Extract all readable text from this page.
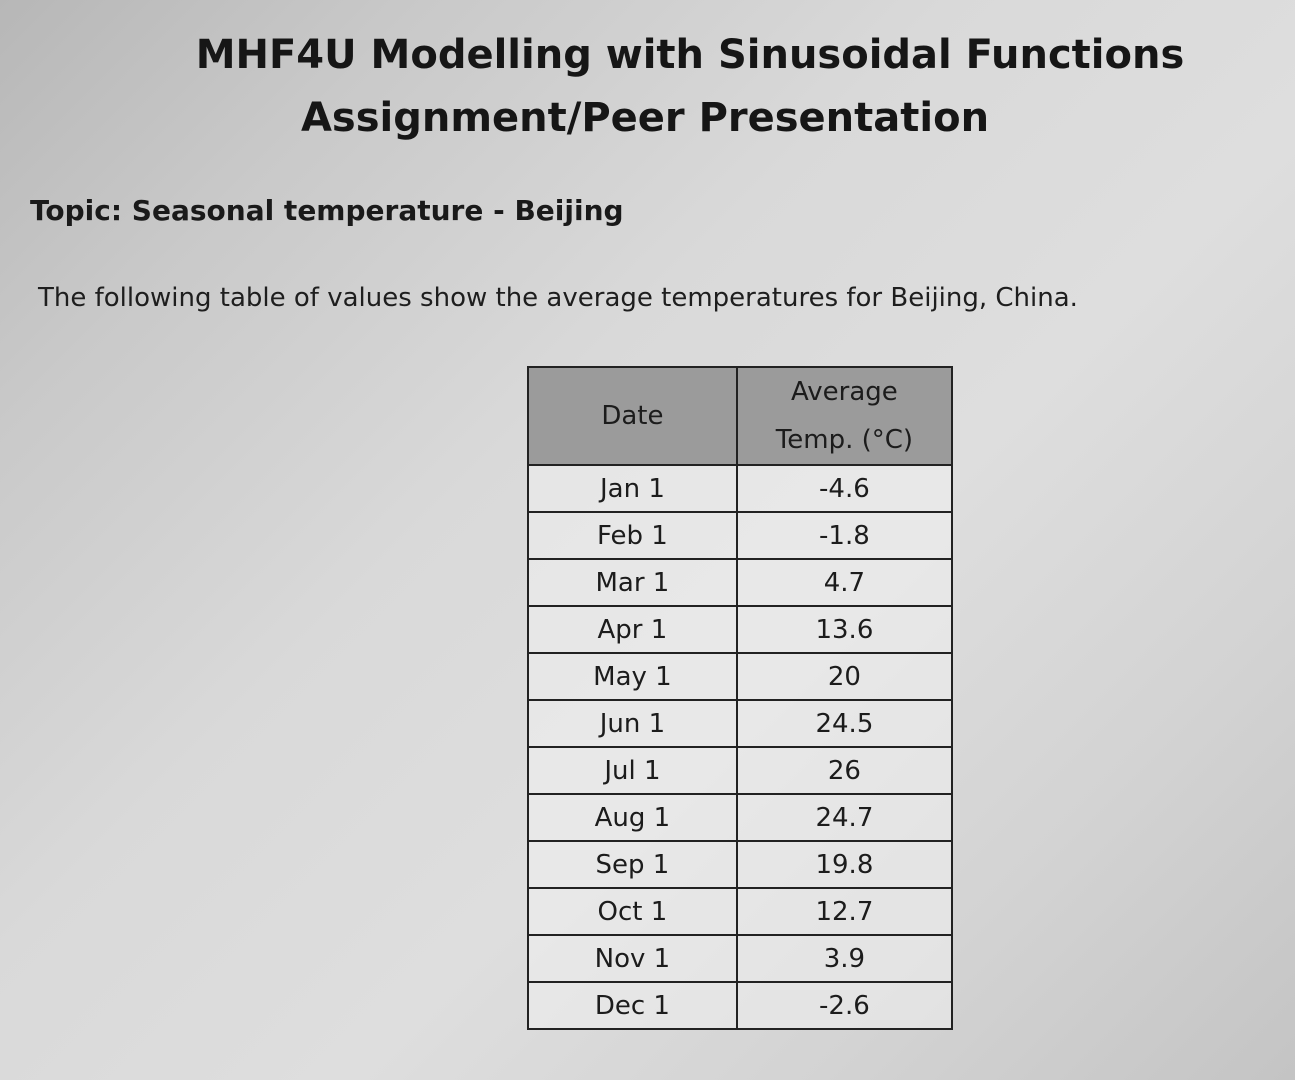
MHF4U Modelling with Sinusoidal Functions
Assignment/Peer Presentation
Topic: Seasonal temperature - Beijing
The following table of values show the average temperatures for Beijing, China.
Date	Average
Temp. (°C)
Jan 1	-4.6
Feb 1	-1.8
Mar 1	4.7
Apr 1	13.6
May 1	20
Jun 1	24.5
Jul 1	26
Aug 1	24.7
Sep 1	19.8
Oct 1	12.7
Nov 1	3.9
Dec 1	-2.6
